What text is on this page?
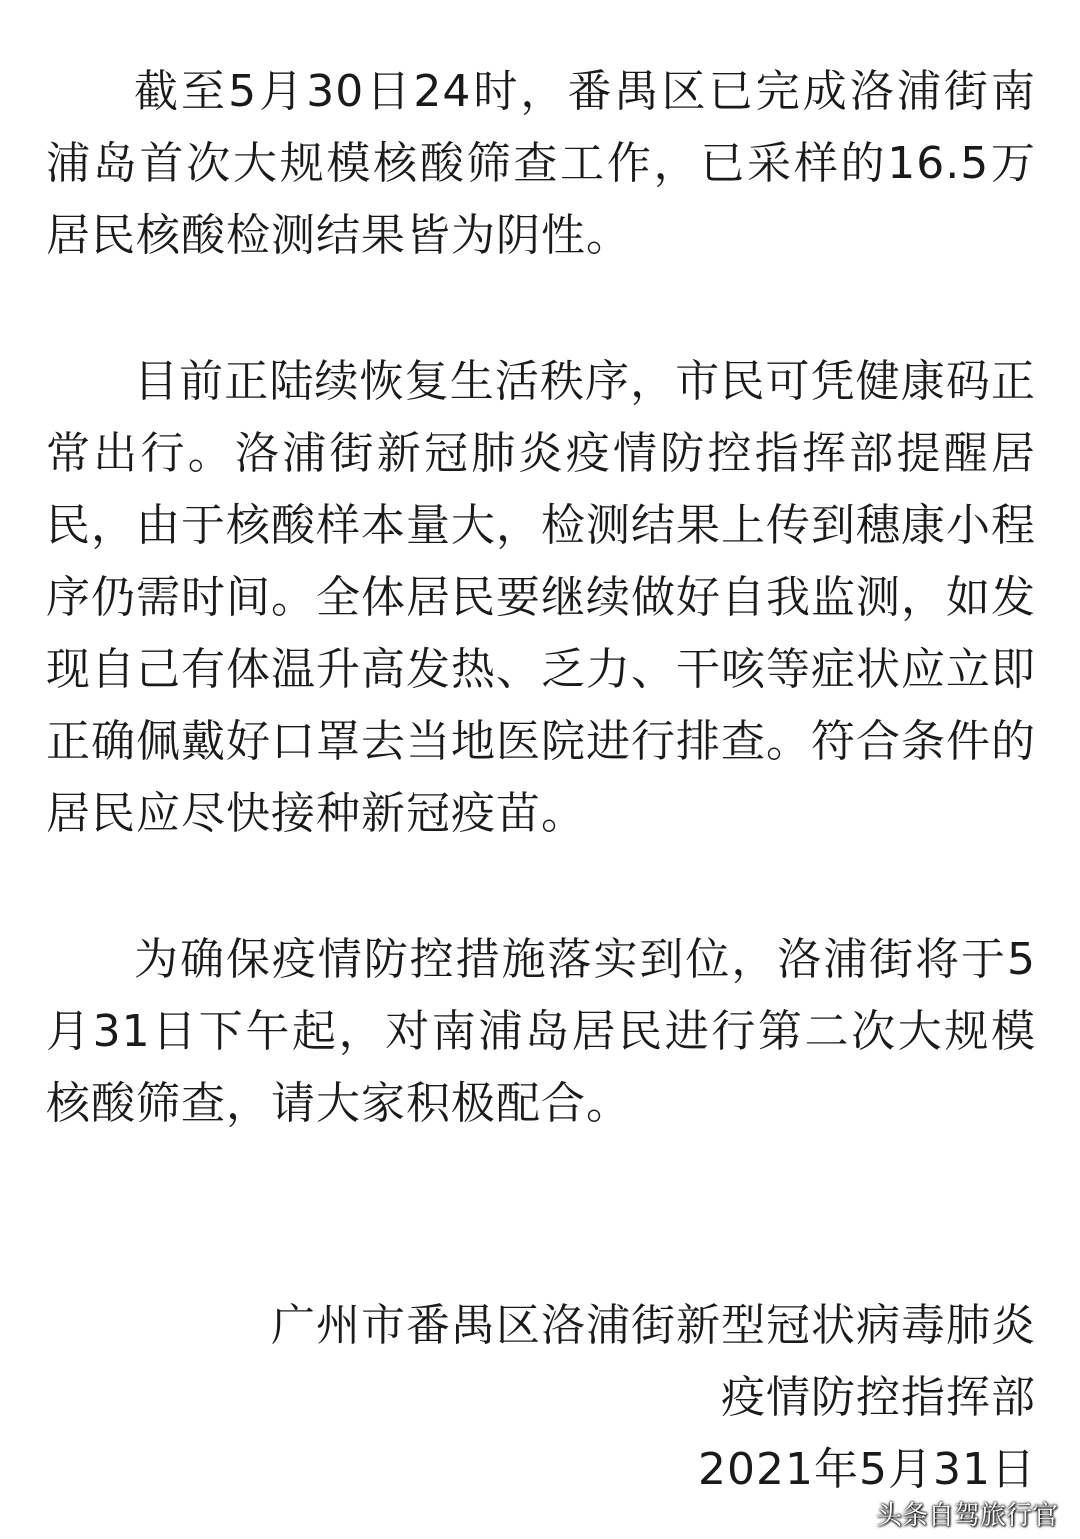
截至5月30日24时，番禺区已完成洛浦街南浦岛首次大规模核酸筛查工作，已采样的16.5万居民核酸检测结果皆为阴性。

目前正陆续恢复生活秩序，市民可凭健康码正常出行。洛浦街新冠肺炎疫情防控指挥部提醒居民，由于核酸样本量大，检测结果上传到穗康小程序仍需时间。全体居民要继续做好自我监测，如发现自己有体温升高发热、乏力、干咳等症状应立即正确佩戴好口罩去当地医院进行排查。符合条件的居民应尽快接种新冠疫苗。

为确保疫情防控措施落实到位，洛浦街将于5月31日下午起，对南浦岛居民进行第二次大规模核酸筛查，请大家积极配合。

广州市番禺区洛浦街新型冠状病毒肺炎
疫情防控指挥部
2021年5月31日
头条自驾旅行官
